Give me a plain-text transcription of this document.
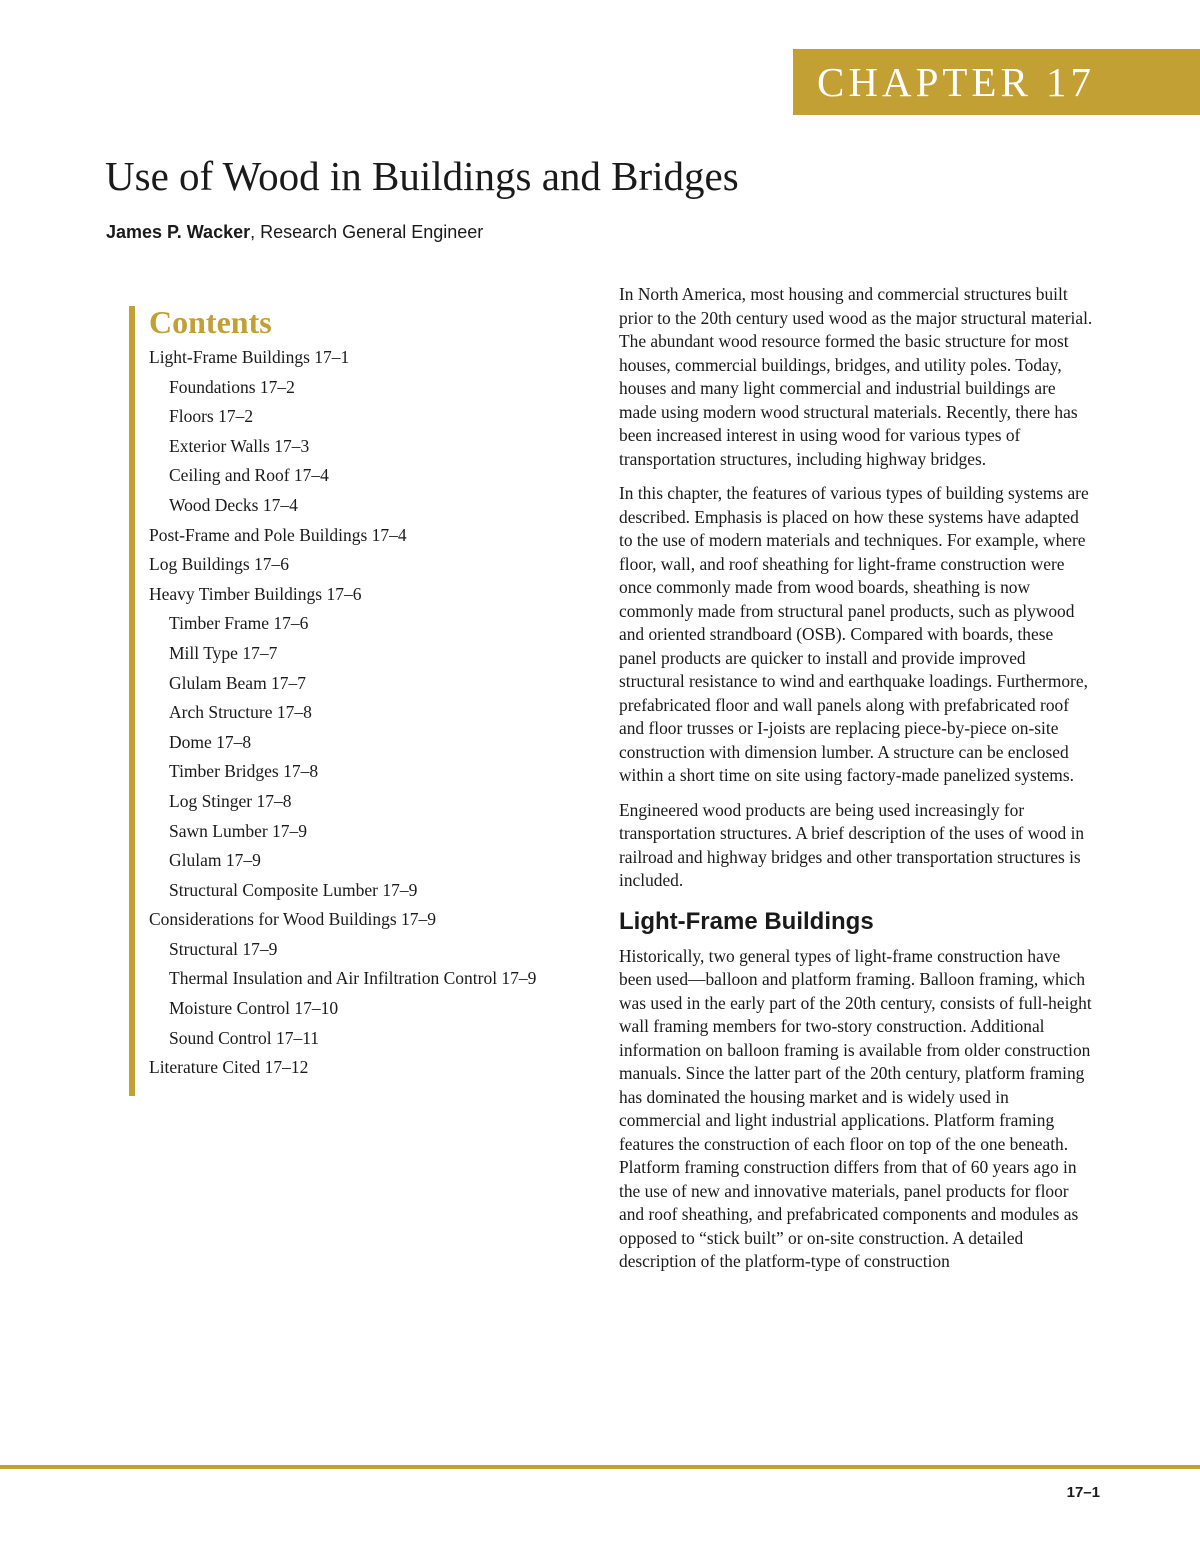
CHAPTER 17
Use of Wood in Buildings and Bridges
James P. Wacker, Research General Engineer
Contents
Light-Frame Buildings 17–1
Foundations 17–2
Floors 17–2
Exterior Walls 17–3
Ceiling and Roof 17–4
Wood Decks 17–4
Post-Frame and Pole Buildings 17–4
Log Buildings 17–6
Heavy Timber Buildings 17–6
Timber Frame 17–6
Mill Type 17–7
Glulam Beam 17–7
Arch Structure 17–8
Dome 17–8
Timber Bridges 17–8
Log Stinger 17–8
Sawn Lumber 17–9
Glulam 17–9
Structural Composite Lumber 17–9
Considerations for Wood Buildings 17–9
Structural 17–9
Thermal Insulation and Air Infiltration Control 17–9
Moisture Control 17–10
Sound Control 17–11
Literature Cited 17–12

In North America, most housing and commercial structures built prior to the 20th century used wood as the major structural material. The abundant wood resource formed the basic structure for most houses, commercial buildings, bridges, and utility poles. Today, houses and many light commercial and industrial buildings are made using modern wood structural materials. Recently, there has been increased interest in using wood for various types of transportation structures, including highway bridges.

In this chapter, the features of various types of building systems are described. Emphasis is placed on how these systems have adapted to the use of modern materials and techniques. For example, where floor, wall, and roof sheathing for light-frame construction were once commonly made from wood boards, sheathing is now commonly made from structural panel products, such as plywood and oriented strandboard (OSB). Compared with boards, these panel products are quicker to install and provide improved structural resistance to wind and earthquake loadings. Furthermore, prefabricated floor and wall panels along with prefabricated roof and floor trusses or I-joists are replacing piece-by-piece on-site construction with dimension lumber. A structure can be enclosed within a short time on site using factory-made panelized systems.

Engineered wood products are being used increasingly for transportation structures. A brief description of the uses of wood in railroad and highway bridges and other transportation structures is included.

Light-Frame Buildings

Historically, two general types of light-frame construction have been used—balloon and platform framing. Balloon framing, which was used in the early part of the 20th century, consists of full-height wall framing members for two-story construction. Additional information on balloon framing is available from older construction manuals. Since the latter part of the 20th century, platform framing has dominated the housing market and is widely used in commercial and light industrial applications. Platform framing features the construction of each floor on top of the one beneath. Platform framing construction differs from that of 60 years ago in the use of new and innovative materials, panel products for floor and roof sheathing, and prefabricated components and modules as opposed to “stick built” or on-site construction. A detailed description of the platform-type of construction

17–1
